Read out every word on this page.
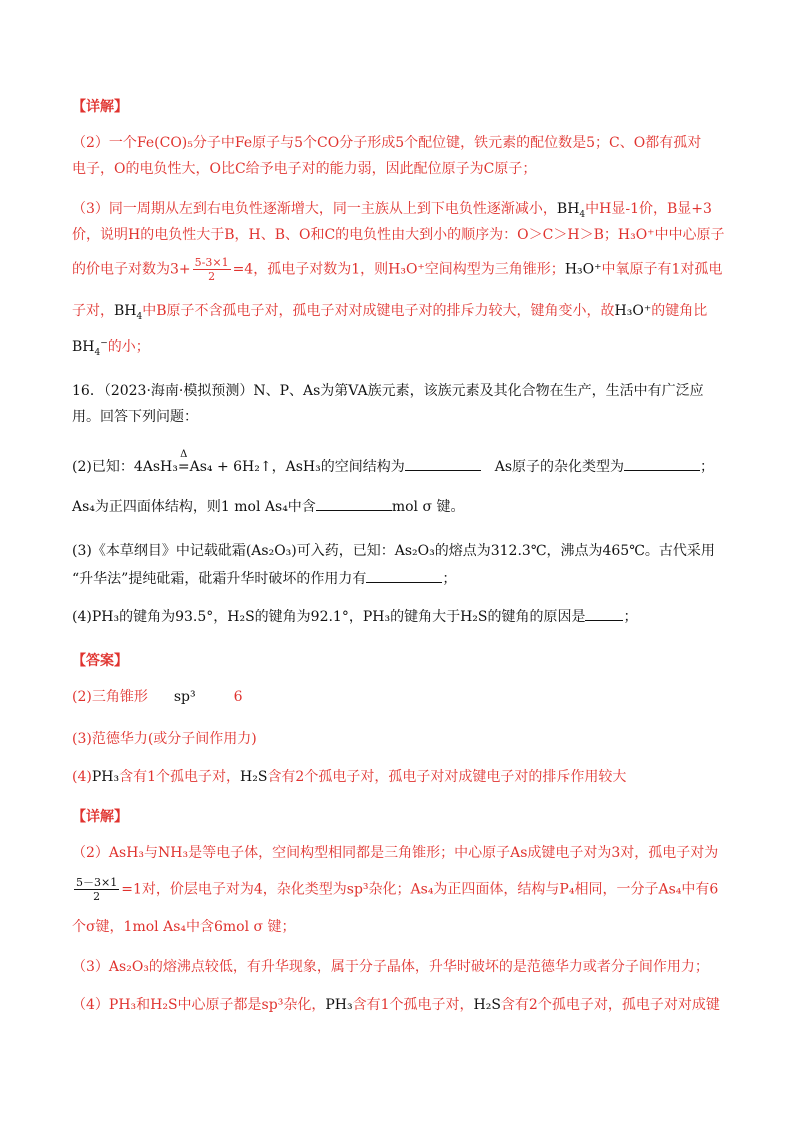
【详解】
（2）一个Fe(CO)₅分子中Fe原子与5个CO分子形成5个配位键，铁元素的配位数是5；C、O都有孤对
电子，O的电负性大，O比C给予电子对的能力弱，因此配位原子为C原子；
（3）同一周期从左到右电负性逐渐增大，同一主族从上到下电负性逐渐减小，$BH_4$中H显-1价，B显+3
价，说明H的电负性大于B，H、B、O和C的电负性由大到小的顺序为：O＞C＞H＞B；H₃O⁺中中心原子
的价电子对数为$3+ \frac{5-3\times 1}{2} =4$，孤电子对数为1，则H₃O⁺空间构型为三角锥形；H₃O⁺中氧原子有1对孤电
子对，$BH_4$中B原子不含孤电子对，孤电子对对成键电子对的排斥力较大，键角变小，故H₃O⁺的键角比
$BH_4^-$的小；
16．（2023·海南·模拟预测）N、P、As为第VA族元素，该族元素及其化合物在生产，生活中有广泛应
用。回答下列问题：
(2)已知：4AsH₃
Δ
=As₄ + 6H₂↑，AsH₃的空间结构为	As原子的杂化类型为	；
As₄为正四面体结构，则1 mol As₄中含	mol σ 键。
(3)《本草纲目》中记载砒霜(As₂O₃)可入药，已知：As₂O₃的熔点为312.3℃，沸点为465℃。古代采用
“升华法”提纯砒霜，砒霜升华时破坏的作用力有	；
(4)PH₃的键角为93.5°，H₂S的键角为92.1°，PH₃的键角大于H₂S的键角的原因是	；
【答案】
(2)三角锥形 sp³	6
(3)范德华力(或分子间作用力)
(4)PH₃含有1个孤电子对，H₂S含有2个孤电子对，孤电子对对成键电子对的排斥作用较大
【详解】
（2）AsH₃与NH₃是等电子体，空间构型相同都是三角锥形；中心原子As成键电子对为3对，孤电子对为
$\frac{5-3\times 1}{2} =1$对，价层电子对为4，杂化类型为sp³杂化；As₄为正四面体，结构与P₄相同，一分子As₄中有6
个σ键，1mol As₄中含6mol σ 键；
（3）As₂O₃的熔沸点较低，有升华现象，属于分子晶体，升华时破坏的是范德华力或者分子间作用力；
（4）PH₃和H₂S中心原子都是sp³杂化，PH₃含有1个孤电子对，H₂S含有2个孤电子对，孤电子对对成键
